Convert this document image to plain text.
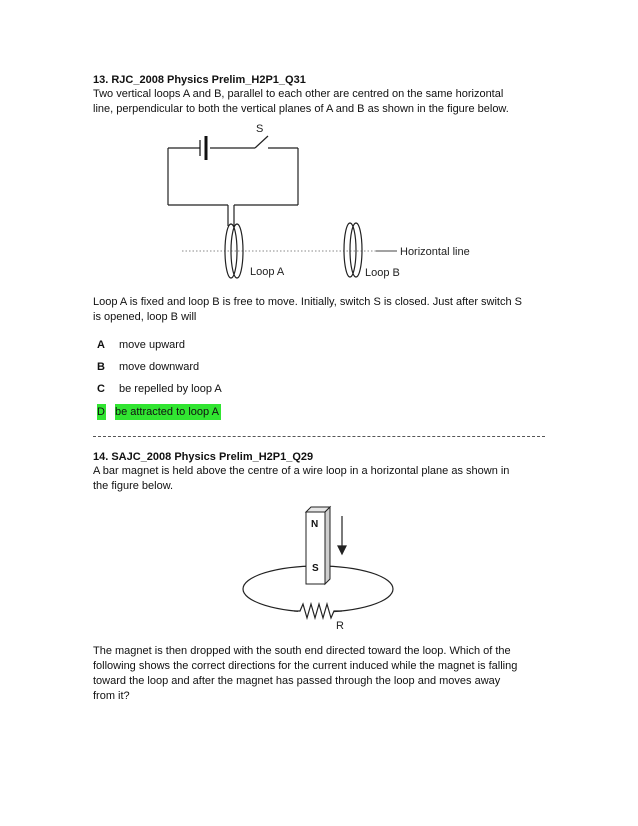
13. RJC_2008 Physics Prelim_H2P1_Q31
Two vertical loops A and B, parallel to each other are centred on the same horizontal
line, perpendicular to both the vertical planes of A and B as shown in the figure below.
S
Horizontal line
Loop A	Loop B
Loop A is fixed and loop B is free to move. Initially, switch S is closed. Just after switch S
is opened, loop B will
A	move upward
B	move downward
C	be repelled by loop A
D be attracted to loop A
14. SAJC_2008 Physics Prelim_H2P1_Q29
A bar magnet is held above the centre of a wire loop in a horizontal plane as shown in
the figure below.
N
S
R
The magnet is then dropped with the south end directed toward the loop. Which of the
following shows the correct directions for the current induced while the magnet is falling
toward the loop and after the magnet has passed through the loop and moves away
from it?
